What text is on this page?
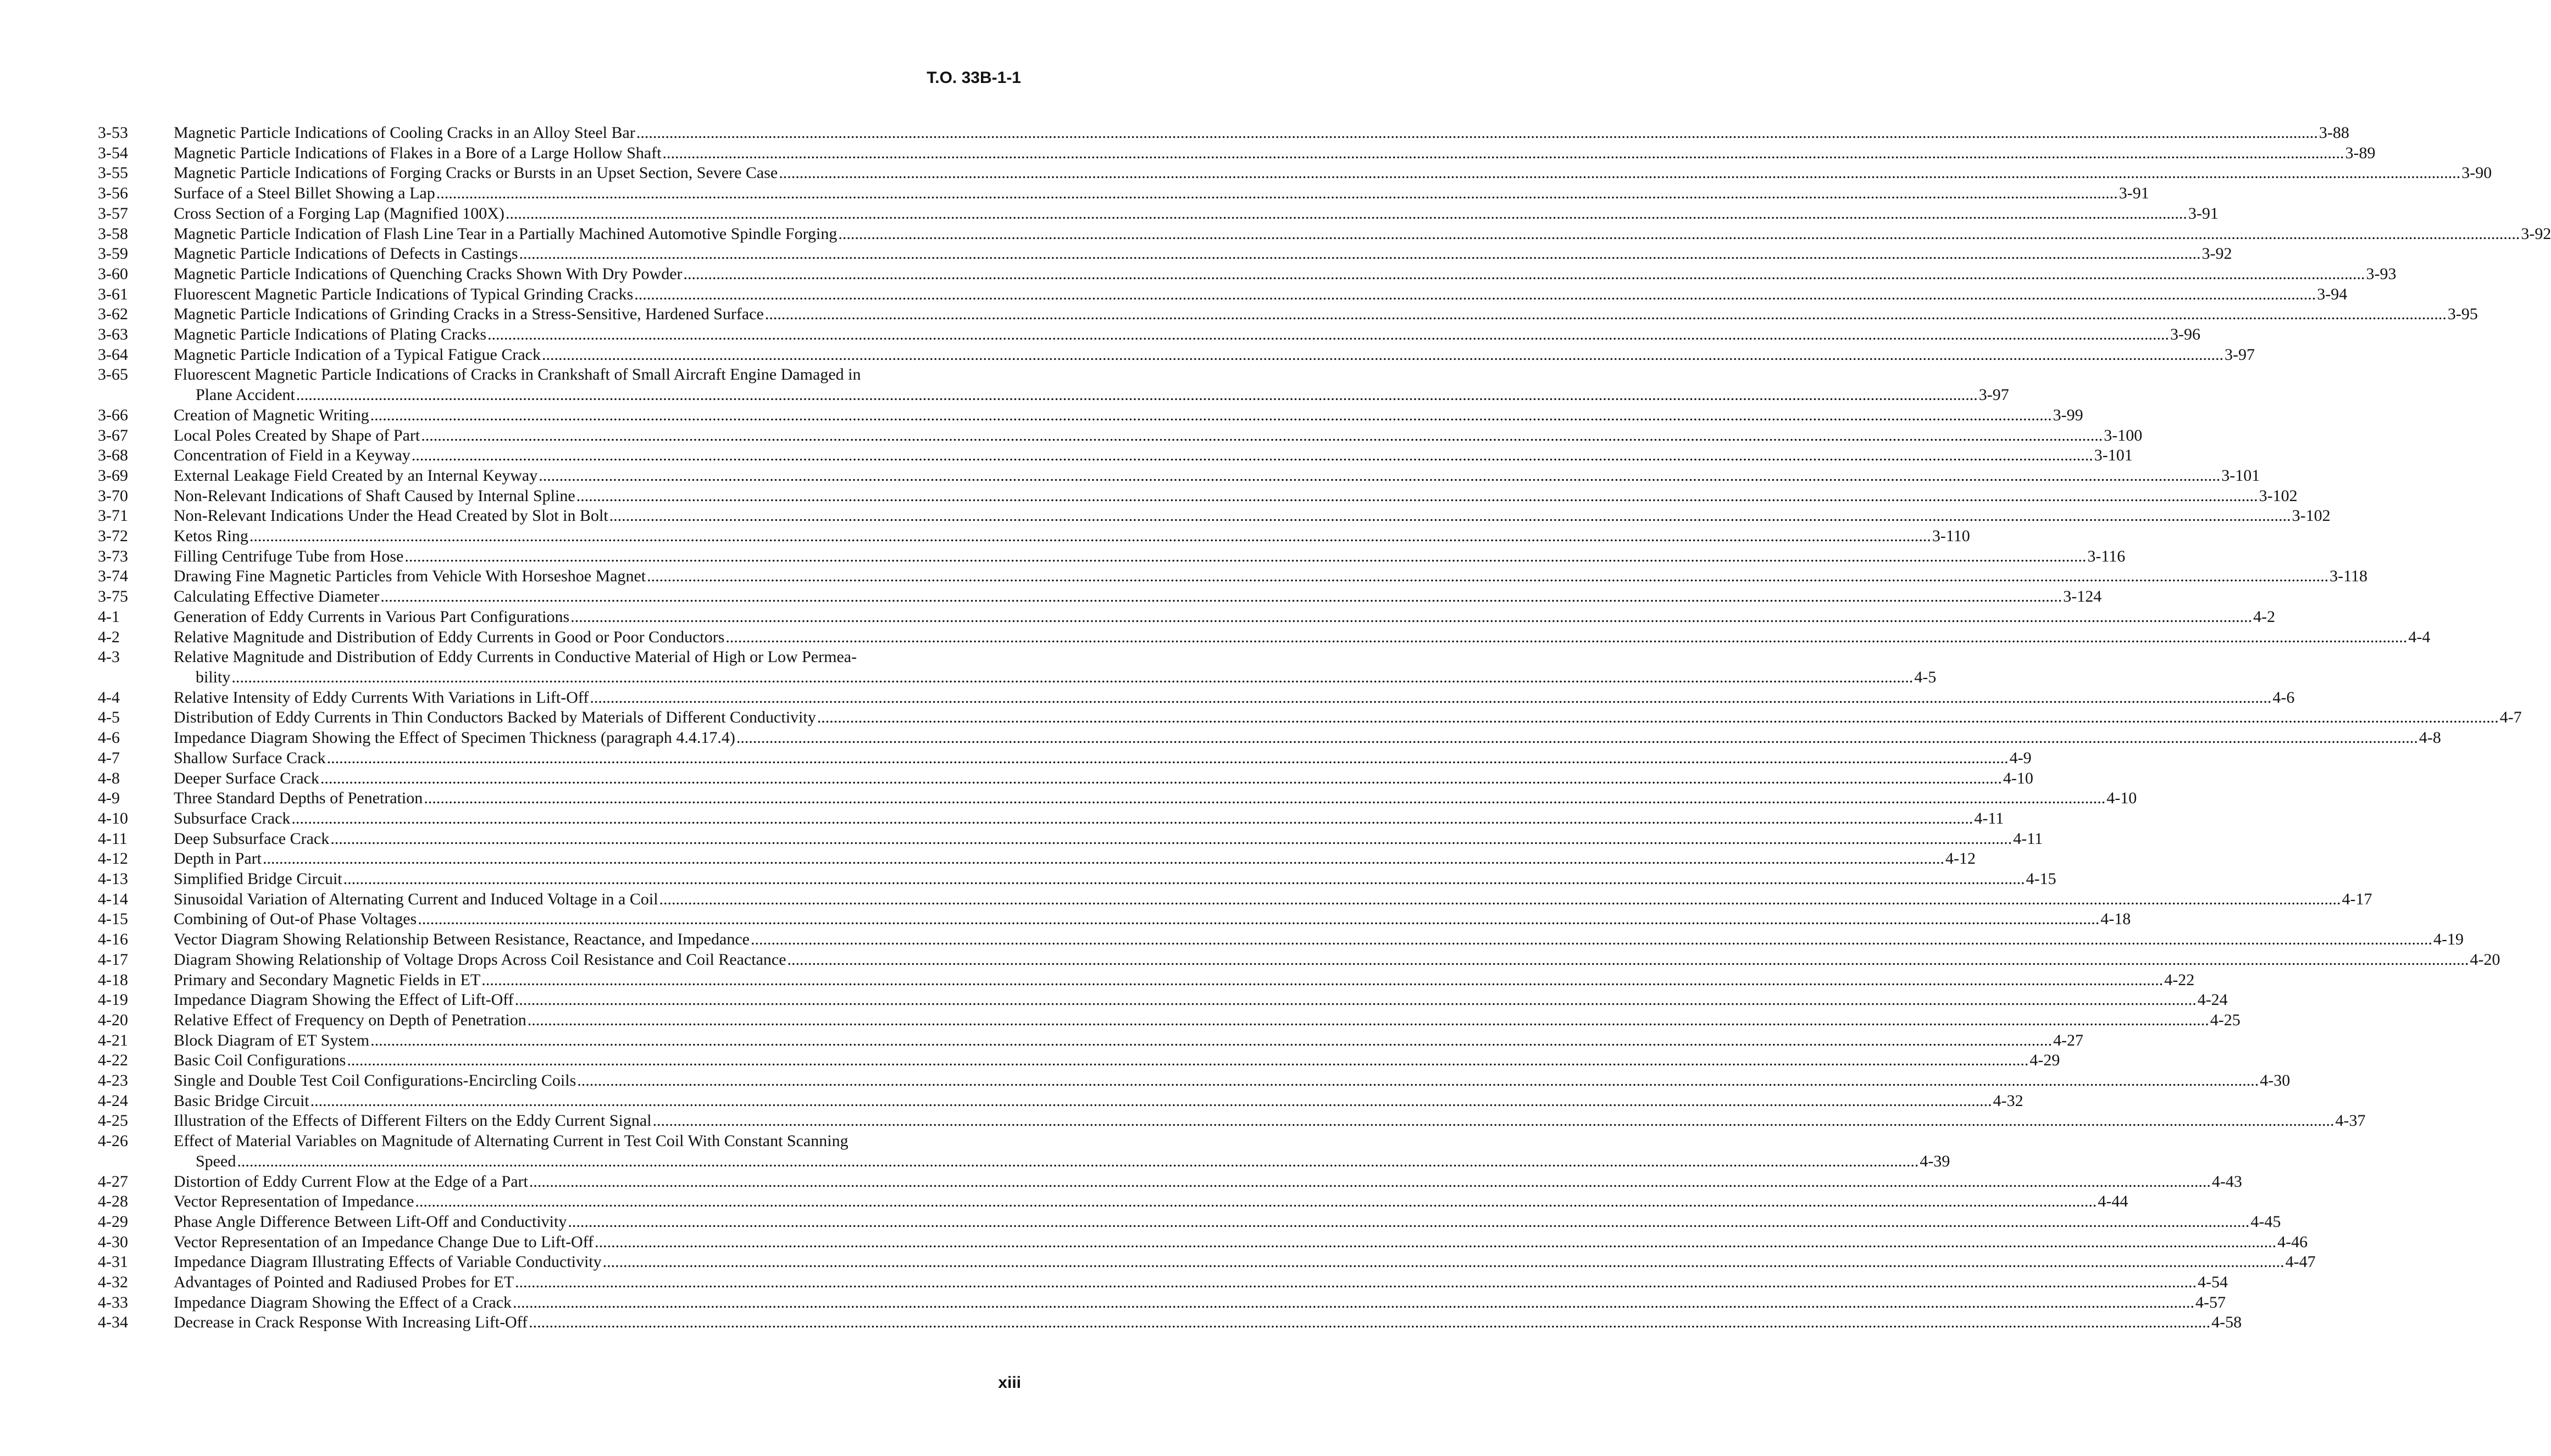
T.O. 33B-1-1
3-53	Magnetic Particle Indications of Cooling Cracks in an Alloy Steel Bar .....	3-88
3-54	Magnetic Particle Indications of Flakes in a Bore of a Large Hollow Shaft .....	3-89
3-55	Magnetic Particle Indications of Forging Cracks or Bursts in an Upset Section, Severe Case .....	3-90
3-56	Surface of a Steel Billet Showing a Lap .....	3-91
3-57	Cross Section of a Forging Lap (Magnified 100X) .....	3-91
3-58	Magnetic Particle Indication of Flash Line Tear in a Partially Machined Automotive Spindle Forging .....	3-92
3-59	Magnetic Particle Indications of Defects in Castings .....	3-92
3-60	Magnetic Particle Indications of Quenching Cracks Shown With Dry Powder .....	3-93
3-61	Fluorescent Magnetic Particle Indications of Typical Grinding Cracks .....	3-94
3-62	Magnetic Particle Indications of Grinding Cracks in a Stress-Sensitive, Hardened Surface .....	3-95
3-63	Magnetic Particle Indications of Plating Cracks .....	3-96
3-64	Magnetic Particle Indication of a Typical Fatigue Crack .....	3-97
3-65	Fluorescent Magnetic Particle Indications of Cracks in Crankshaft of Small Aircraft Engine Damaged in
Plane Accident .....	3-97
3-66	Creation of Magnetic Writing .....	3-99
3-67	Local Poles Created by Shape of Part .....	3-100
3-68	Concentration of Field in a Keyway .....	3-101
3-69	External Leakage Field Created by an Internal Keyway .....	3-101
3-70	Non-Relevant Indications of Shaft Caused by Internal Spline .....	3-102
3-71	Non-Relevant Indications Under the Head Created by Slot in Bolt .....	3-102
3-72	Ketos Ring .....	3-110
3-73	Filling Centrifuge Tube from Hose .....	3-116
3-74	Drawing Fine Magnetic Particles from Vehicle With Horseshoe Magnet .....	3-118
3-75	Calculating Effective Diameter .....	3-124
4-1	Generation of Eddy Currents in Various Part Configurations .....	4-2
4-2	Relative Magnitude and Distribution of Eddy Currents in Good or Poor Conductors .....	4-4
4-3	Relative Magnitude and Distribution of Eddy Currents in Conductive Material of High or Low Permea-
bility .....	4-5
4-4	Relative Intensity of Eddy Currents With Variations in Lift-Off .....	4-6
4-5	Distribution of Eddy Currents in Thin Conductors Backed by Materials of Different Conductivity .....	4-7
4-6	Impedance Diagram Showing the Effect of Specimen Thickness (paragraph 4.4.17.4) .....	4-8
4-7	Shallow Surface Crack .....	4-9
4-8	Deeper Surface Crack .....	4-10
4-9	Three Standard Depths of Penetration .....	4-10
4-10	Subsurface Crack .....	4-11
4-11	Deep Subsurface Crack .....	4-11
4-12	Depth in Part .....	4-12
4-13	Simplified Bridge Circuit .....	4-15
4-14	Sinusoidal Variation of Alternating Current and Induced Voltage in a Coil .....	4-17
4-15	Combining of Out-of Phase Voltages .....	4-18
4-16	Vector Diagram Showing Relationship Between Resistance, Reactance, and Impedance .....	4-19
4-17	Diagram Showing Relationship of Voltage Drops Across Coil Resistance and Coil Reactance .....	4-20
4-18	Primary and Secondary Magnetic Fields in ET .....	4-22
4-19	Impedance Diagram Showing the Effect of Lift-Off .....	4-24
4-20	Relative Effect of Frequency on Depth of Penetration .....	4-25
4-21	Block Diagram of ET System .....	4-27
4-22	Basic Coil Configurations .....	4-29
4-23	Single and Double Test Coil Configurations-Encircling Coils .....	4-30
4-24	Basic Bridge Circuit .....	4-32
4-25	Illustration of the Effects of Different Filters on the Eddy Current Signal .....	4-37
4-26	Effect of Material Variables on Magnitude of Alternating Current in Test Coil With Constant Scanning
Speed .....	4-39
4-27	Distortion of Eddy Current Flow at the Edge of a Part .....	4-43
4-28	Vector Representation of Impedance .....	4-44
4-29	Phase Angle Difference Between Lift-Off and Conductivity .....	4-45
4-30	Vector Representation of an Impedance Change Due to Lift-Off .....	4-46
4-31	Impedance Diagram Illustrating Effects of Variable Conductivity .....	4-47
4-32	Advantages of Pointed and Radiused Probes for ET .....	4-54
4-33	Impedance Diagram Showing the Effect of a Crack .....	4-57
4-34	Decrease in Crack Response With Increasing Lift-Off .....	4-58
xiii
